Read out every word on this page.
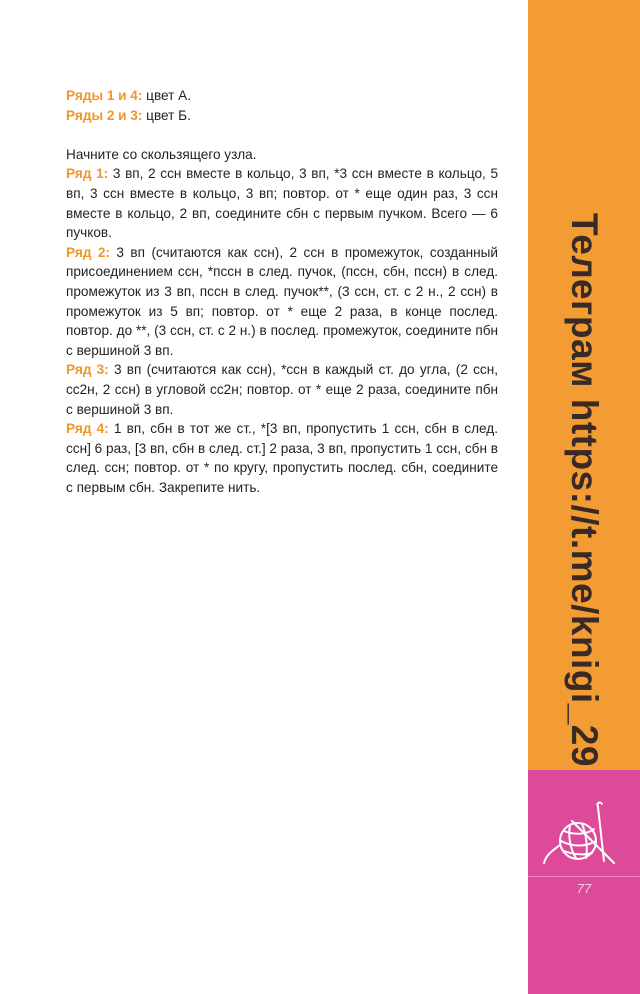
Ряды 1 и 4: цвет А.

Ряды 2 и 3: цвет Б.

Начните со скользящего узла.

Ряд 1: 3 вп, 2 ссн вместе в кольцо, 3 вп, *3 ссн вместе в кольцо, 5 вп, 3 ссн вместе в кольцо, 3 вп; повтор. от * еще один раз, 3 ссн вместе в кольцо, 2 вп, соедините сбн с первым пучком. Всего — 6 пучков.

Ряд 2: 3 вп (считаются как ссн), 2 ссн в промежуток, созданный присоединением ссн, *пссн в след. пучок, (пссн, сбн, пссн) в след. промежуток из 3 вп, пссн в след. пучок**, (3 ссн, ст. с 2 н., 2 ссн) в промежуток из 5 вп; повтор. от * еще 2 раза, в конце послед. повтор. до **, (3 ссн, ст. с 2 н.) в послед. промежуток, соедините пбн с вершиной 3 вп.

Ряд 3: 3 вп (считаются как ссн), *ссн в каждый ст. до угла, (2 ссн, сс2н, 2 ссн) в угловой сс2н; повтор. от * еще 2 раза, соедините пбн с вершиной 3 вп.

Ряд 4: 1 вп, сбн в тот же ст., *[3 вп, пропустить 1 ссн, сбн в след. ссн] 6 раз, [3 вп, сбн в след. ст.] 2 раза, 3 вп, пропустить 1 ссн, сбн в след. ссн; повтор. от * по кругу, пропустить послед. сбн, соедините с первым сбн. Закрепите нить.	Телеграм https://t.me/knigi_29
77
